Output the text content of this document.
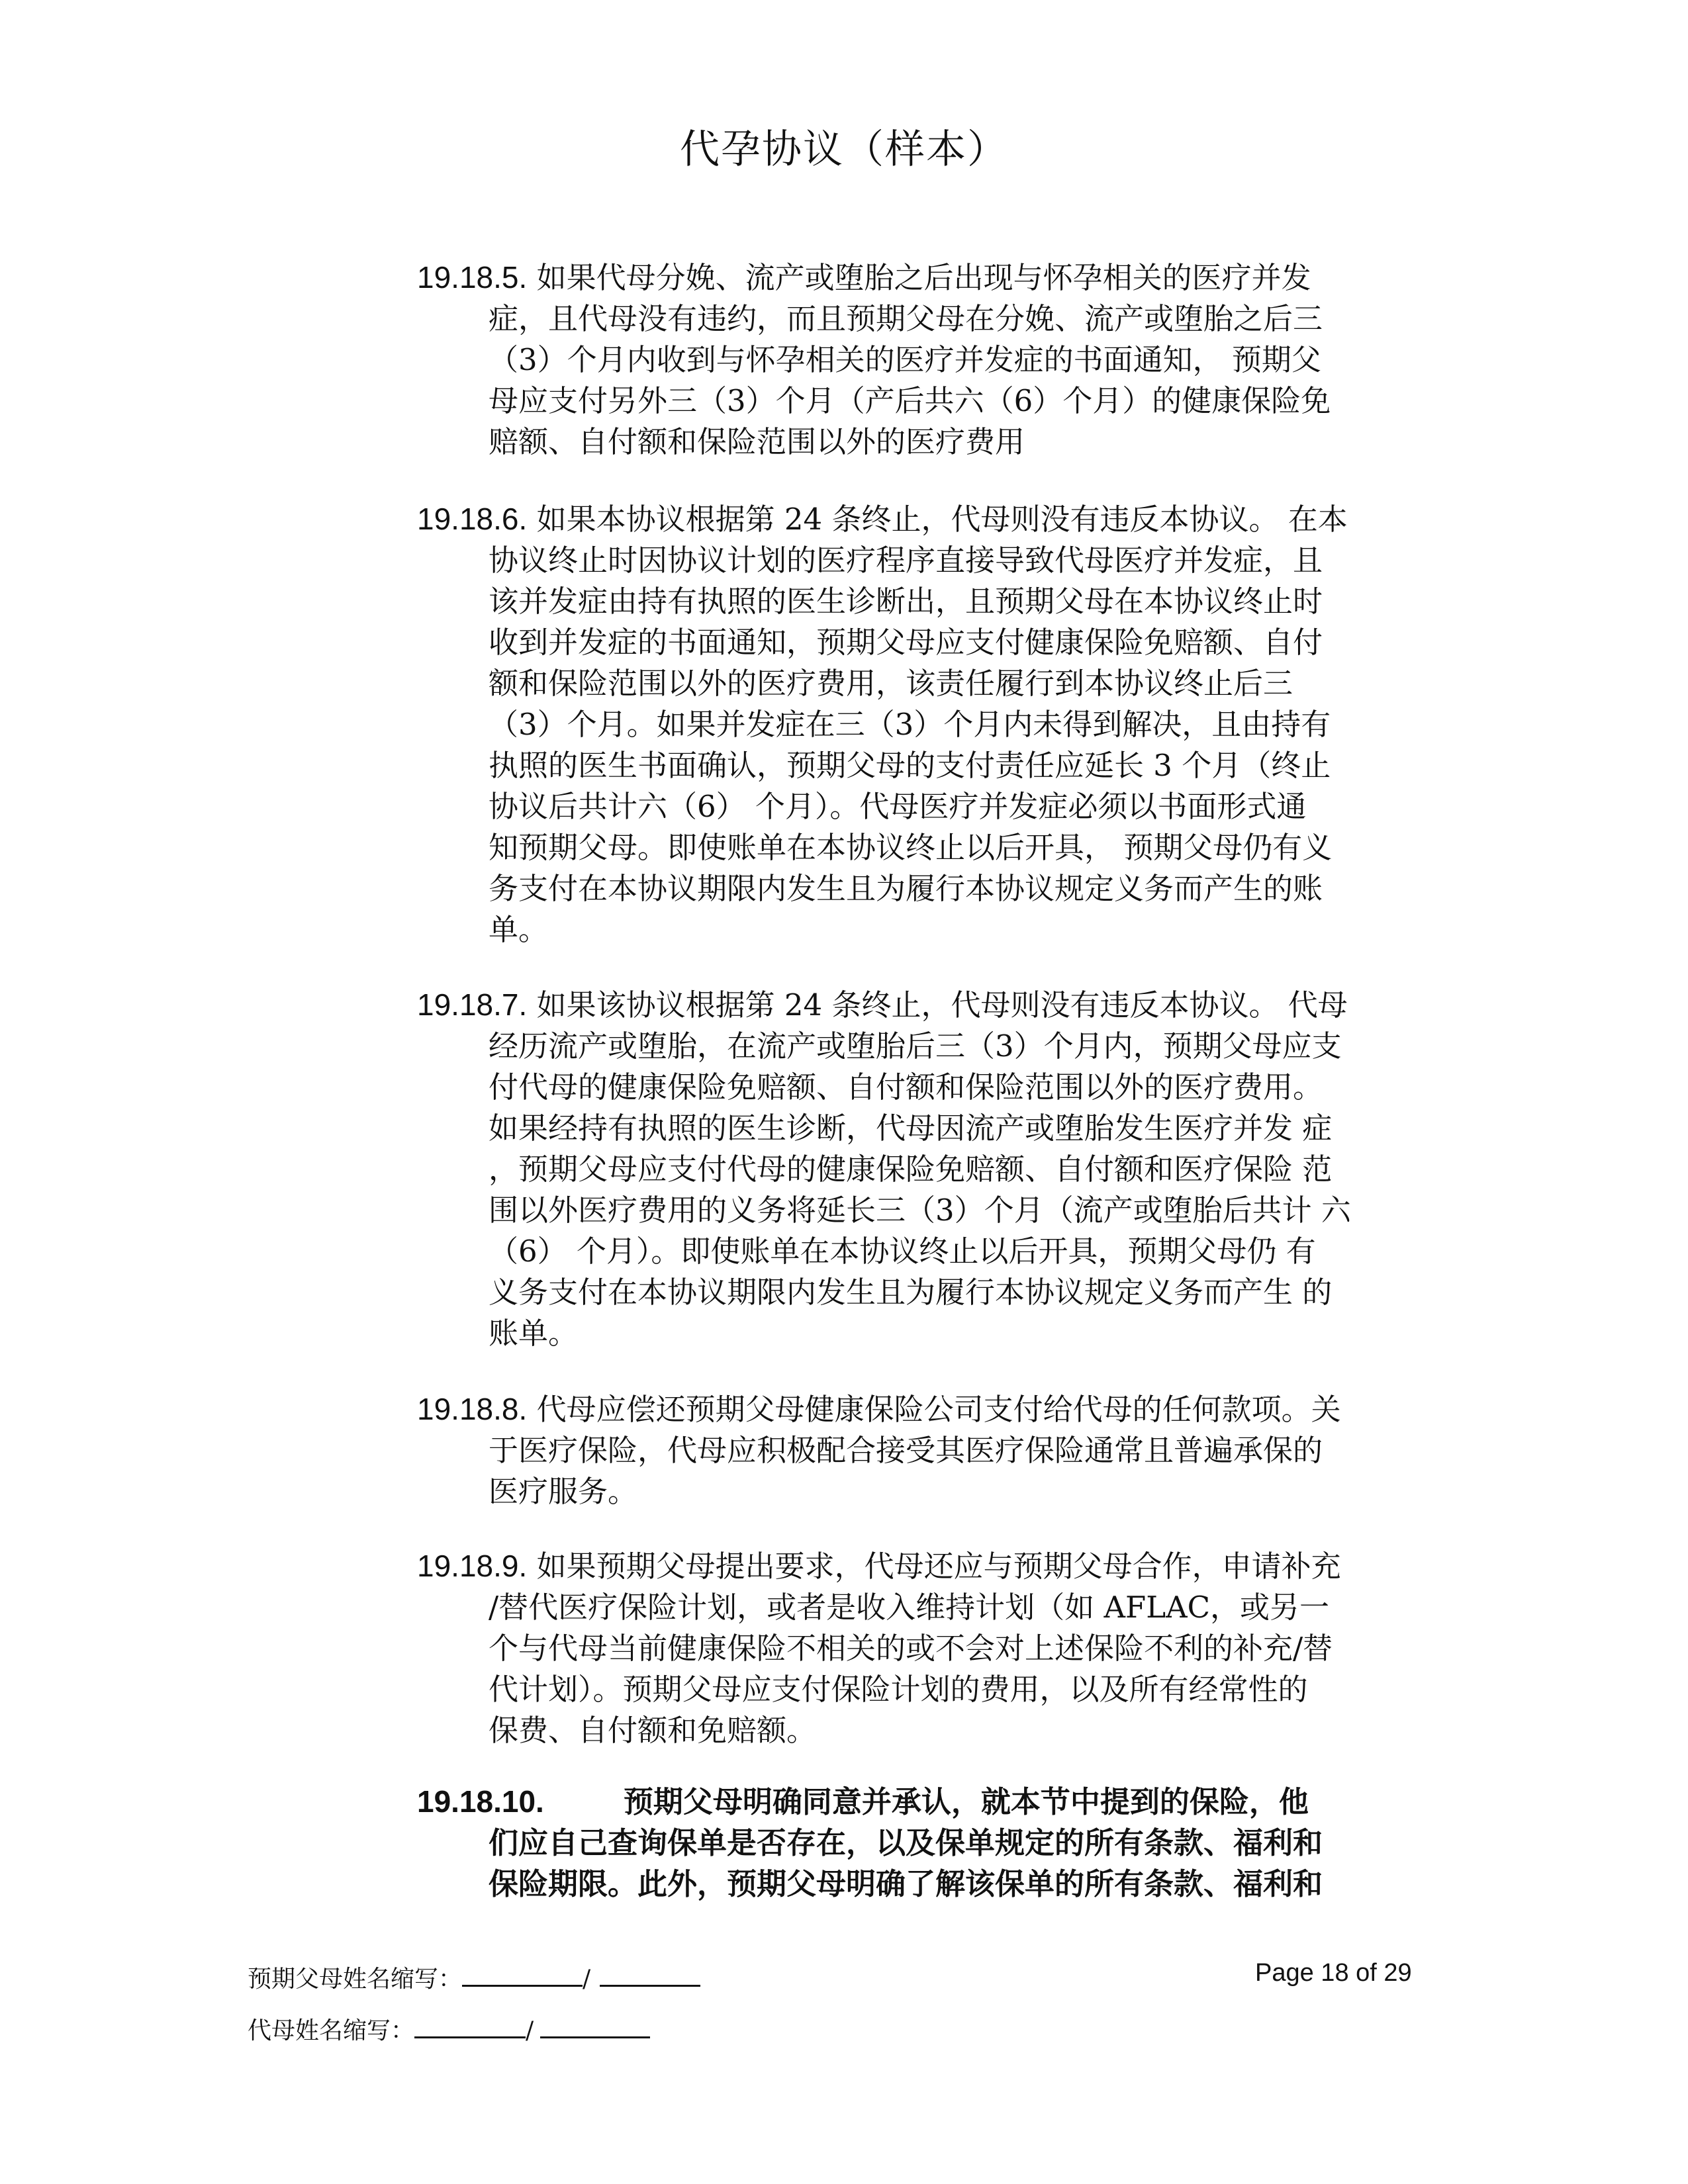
代孕协议（样本）
19.18.5. 如果代母分娩、流产或堕胎之后出现与怀孕相关的医疗并发
症，且代母没有违约，而且预期父母在分娩、流产或堕胎之后三
（3）个月内收到与怀孕相关的医疗并发症的书面通知， 预期父
母应支付另外三（3）个月（产后共六（6）个月）的健康保险免
赔额、自付额和保险范围以外的医疗费用
19.18.6. 如果本协议根据第 24 条终止，代母则没有违反本协议。 在本
协议终止时因协议计划的医疗程序直接导致代母医疗并发症，且
该并发症由持有执照的医生诊断出，且预期父母在本协议终止时
收到并发症的书面通知，预期父母应支付健康保险免赔额、自付
额和保险范围以外的医疗费用，该责任履行到本协议终止后三
（3）个月。如果并发症在三（3）个月内未得到解决，且由持有
执照的医生书面确认，预期父母的支付责任应延长 3 个月（终止
协议后共计六（6） 个月）。代母医疗并发症必须以书面形式通
知预期父母。即使账单在本协议终止以后开具， 预期父母仍有义
务支付在本协议期限内发生且为履行本协议规定义务而产生的账
单。
19.18.7. 如果该协议根据第 24 条终止，代母则没有违反本协议。 代母
经历流产或堕胎，在流产或堕胎后三（3）个月内，预期父母应支
付代母的健康保险免赔额、自付额和保险范围以外的医疗费用。
如果经持有执照的医生诊断，代母因流产或堕胎发生医疗并发 症
，预期父母应支付代母的健康保险免赔额、自付额和医疗保险 范
围以外医疗费用的义务将延长三（3）个月（流产或堕胎后共计 六
（6） 个月）。即使账单在本协议终止以后开具，预期父母仍 有
义务支付在本协议期限内发生且为履行本协议规定义务而产生 的
账单。
19.18.8. 代母应偿还预期父母健康保险公司支付给代母的任何款项。关
于医疗保险，代母应积极配合接受其医疗保险通常且普遍承保的
医疗服务。
19.18.9. 如果预期父母提出要求，代母还应与预期父母合作，申请补充
/替代医疗保险计划，或者是收入维持计划（如 AFLAC，或另一
个与代母当前健康保险不相关的或不会对上述保险不利的补充/替
代计划）。预期父母应支付保险计划的费用，以及所有经常性的
保费、自付额和免赔额。
19.18.10.	预期父母明确同意并承认，就本节中提到的保险，他
们应自己查询保单是否存在，以及保单规定的所有条款、福利和
保险期限。此外，预期父母明确了解该保单的所有条款、福利和
预期父母姓名缩写：	/	Page 18 of 29
代母姓名缩写：	/
